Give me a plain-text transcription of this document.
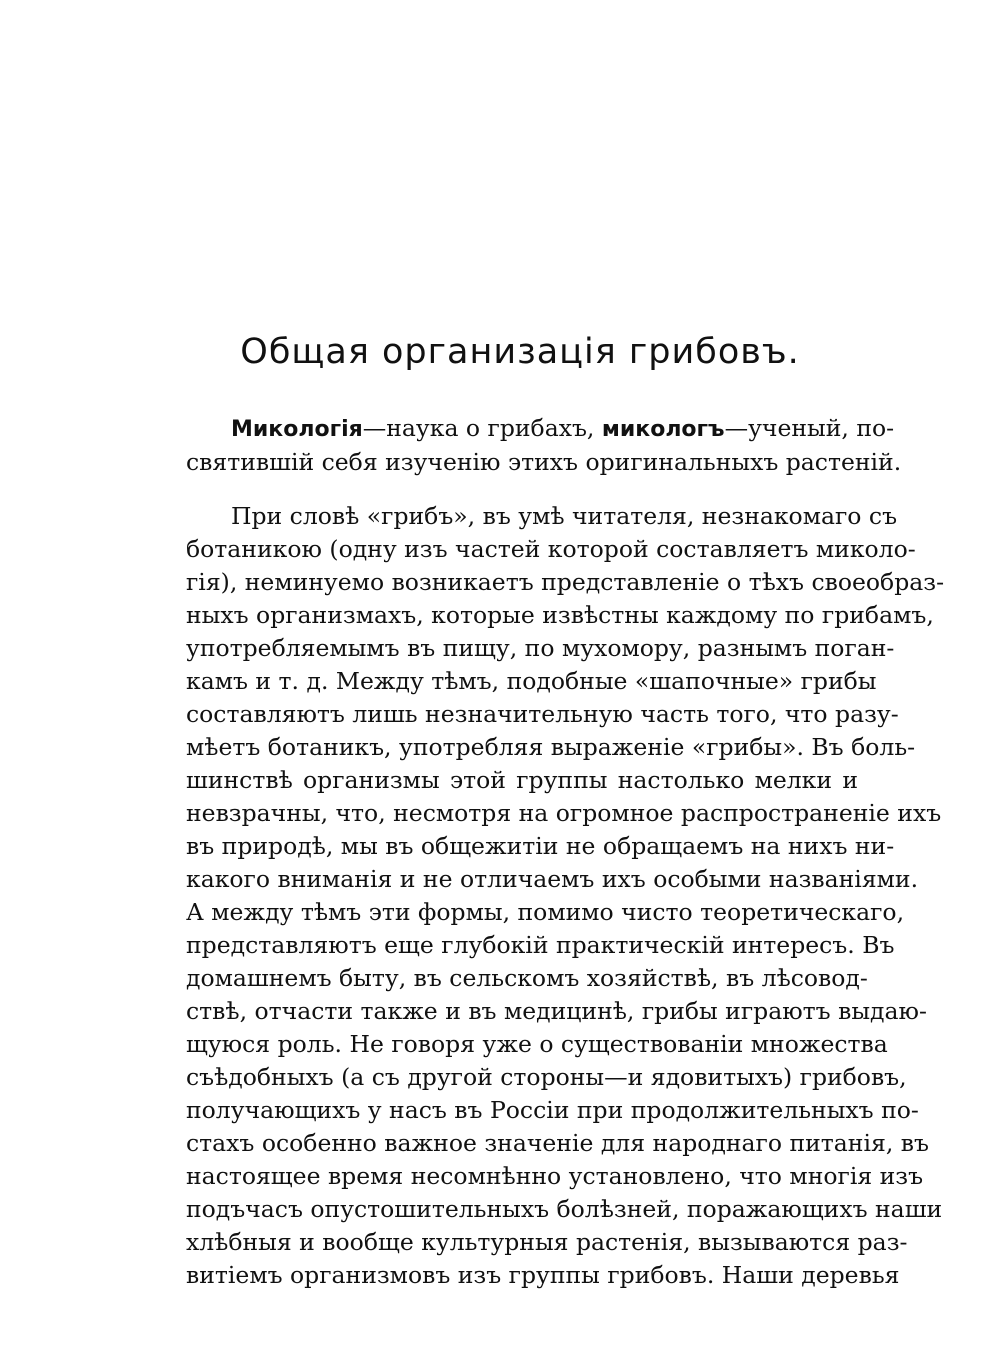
Общая организація грибовъ.
Микологія—наука о грибахъ, микологъ—ученый, по-
святившій себя изученію этихъ оригинальныхъ растеній.
При словѣ «грибъ», въ умѣ читателя, незнакомаго съ
ботаникою (одну изъ частей которой составляетъ миколо-
гія), неминуемо возникаетъ представленіе о тѣхъ своеобраз-
ныхъ организмахъ, которые извѣстны каждому по грибамъ,
употребляемымъ въ пищу, по мухомору, разнымъ поган-
камъ и т. д. Между тѣмъ, подобные «шапочные» грибы
составляютъ лишь незначительную часть того, что разу-
мѣетъ ботаникъ, употребляя выраженіе «грибы». Въ боль-
шинствѣ организмы этой группы настолько мелки и
невзрачны, что, несмотря на огромное распространеніе ихъ
въ природѣ, мы въ общежитіи не обращаемъ на нихъ ни-
какого вниманія и не отличаемъ ихъ особыми названіями.
А между тѣмъ эти формы, помимо чисто теоретическаго,
представляютъ еще глубокій практическій интересъ. Въ
домашнемъ быту, въ сельскомъ хозяйствѣ, въ лѣсовод-
ствѣ, отчасти также и въ медицинѣ, грибы играютъ выдаю-
щуюся роль. Не говоря уже о существованіи множества
съѣдобныхъ (а съ другой стороны—и ядовитыхъ) грибовъ,
получающихъ у насъ въ Россіи при продолжительныхъ по-
стахъ особенно важное значеніе для народнаго питанія, въ
настоящее время несомнѣнно установлено, что многія изъ
подъчасъ опустошительныхъ болѣзней, поражающихъ наши
хлѣбныя и вообще культурныя растенія, вызываются раз-
витіемъ организмовъ изъ группы грибовъ. Наши деревья
